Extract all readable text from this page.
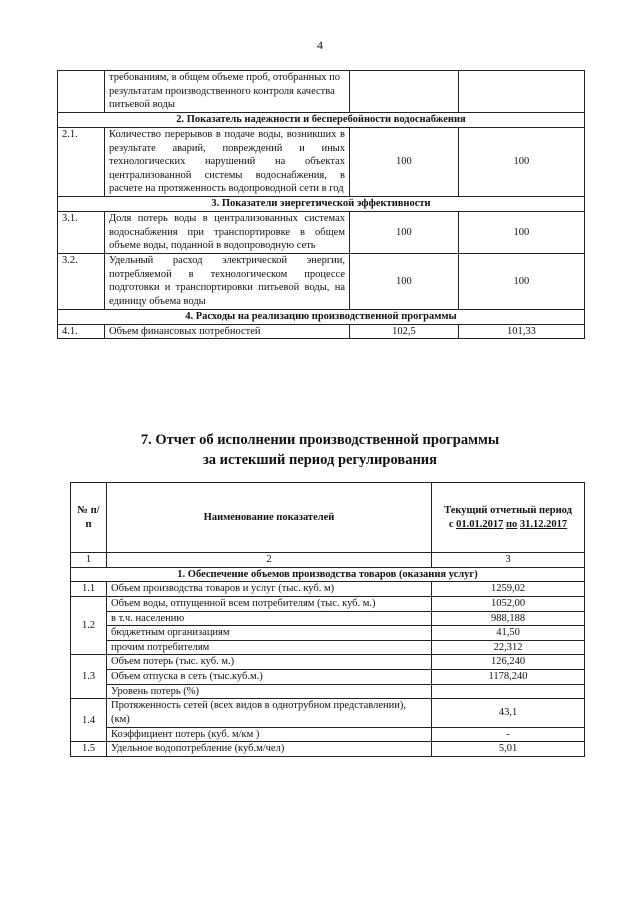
4
	требованиям, в общем объеме проб, отобранных по результатам производственного контроля качества питьевой воды		
2. Показатель надежности и бесперебойности водоснабжения			
2.1.	Количество перерывов в подаче воды, возникших в результате аварий, повреждений и иных технологических нарушений на объектах централизованной системы водоснабжения, в расчете на протяженность водопроводной сети в год	100	100
3. Показатели энергетической эффективности			
3.1.	Доля потерь воды в централизованных системах водоснабжения при транспортировке в общем объеме воды, поданной в водопроводную сеть	100	100
3.2.	Удельный расход электрической энергии, потребляемой в технологическом процессе подготовки и транспортировки питьевой воды, на единицу объема воды	100	100
4. Расходы на реализацию производственной программы			
4.1.	Объем финансовых потребностей	102,5	101,33
7. Отчет об исполнении производственной программы
за истекший период регулирования
№ п/п	Наименование показателей	Текущий отчетный период
с 01.01.2017 по 31.12.2017

1	2	3
1. Обеспечение объемов производства товаров (оказания услуг)		
1.1	Объем производства товаров и услуг (тыс. куб. м)	1259,02
1.2	Объем воды, отпущенной всем потребителям (тыс. куб. м.)	1052,00
	в т.ч. населению	988,188
	бюджетным организациям	41,50
	прочим потребителям	22,312
1.3	Объем потерь (тыс. куб. м.)	126,240
	Объем отпуска в сеть (тыс.куб.м.)	1178,240
	Уровень потерь (%)	
1.4	Протяженность сетей (всех видов в однотрубном представлении), (км)	43,1
	Коэффициент потерь (куб. м/км )	-
1.5	Удельное водопотребление (куб.м/чел)	5,01
